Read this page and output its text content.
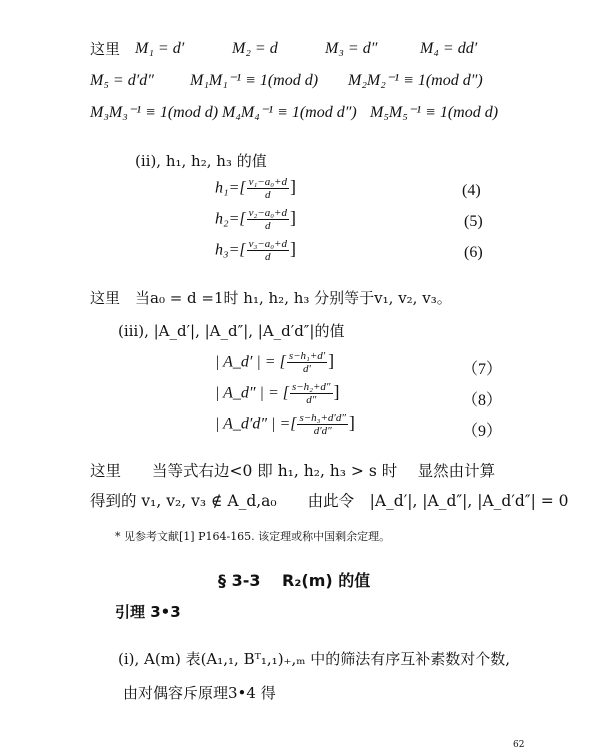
这里 M₁ = d′	M₂ = d	M₃ = d″	M₄ = dd′
M₅ = d′d″ M₁M₁⁻¹ ≡ 1(mod d) M₂M₂⁻¹ ≡ 1(mod d″)
M₃M₃⁻¹ ≡ 1(mod d) M₄M₄⁻¹ ≡ 1(mod d″) M₅M₅⁻¹ ≡ 1(mod d)
(ⅱ), h₁, h₂, h₃ 的值
$h_1=[ \frac{\text{v₁−a₀+d}}{d}$ ]	(4)
$h_2=[ \frac{\text{v₂−a₀+d}}{d}$ ]	(5)
$h_3=[ \frac{\text{v₃−a₀+d}}{d}$ ]	(6)
这里　当a₀ = d =1时 h₁, h₂, h₃ 分别等于v₁, v₂, v₃。
(ⅲ), |A_d′|, |A_d″|, |A_d′d″|的值
| A_d′ | = [ $\frac{\text{s−h₁+d′}}{d'}$ ]	（7）
| A_d″ | = [ $\frac{\text{s−h₂+d″}}{d''}$ ]	（8）
| A_d′d″ | =[ $\frac{\text{s−h₃+d′d″}}{d'd''}$ ]	（9）
这里　　当等式右边<0 即 h₁, h₂, h₃ > s 时　 显然由计算
得到的 v₁, v₂, v₃ ∉ A_d,a₀　　由此令　|A_d′|, |A_d″|, |A_d′d″| = 0
* 见参考文献[1] P164-165. 该定理或称中国剩余定理。
§ 3-3　 R₂(m) 的值
引理 3•3
(ⅰ), A(m) 表(A₁,₁, Bᵀ₁,₁)₊,ₘ 中的筛法有序互补素数对个数,
由对偶容斥原理3•4 得
62
